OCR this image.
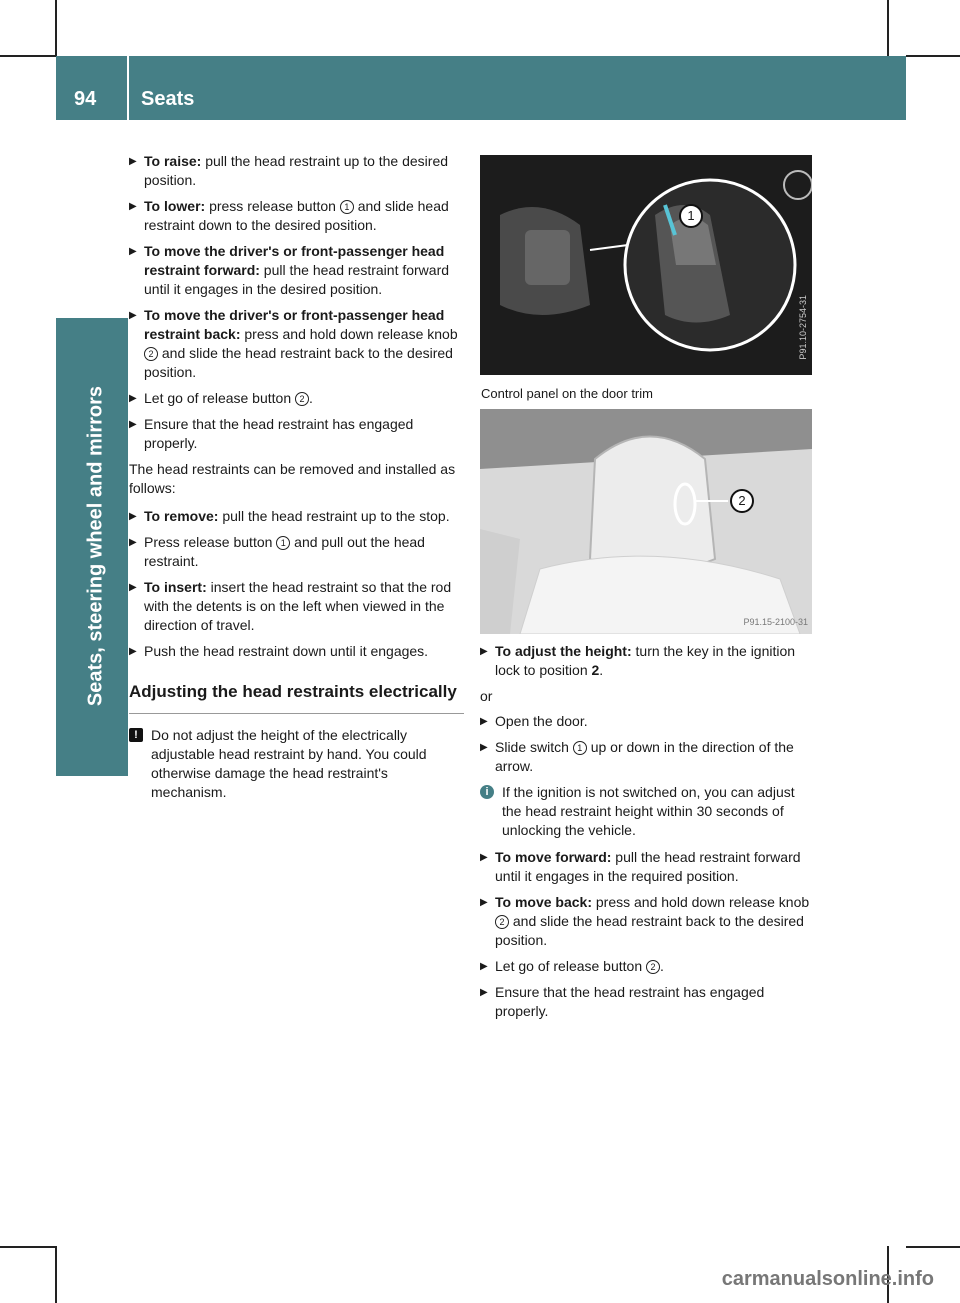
94 Seats
Seats, steering wheel and mirrors
▶ To raise: pull the head restraint up to the desired position.
▶ To lower: press release button 1 and slide head restraint down to the desired position.
▶ To move the driver's or front-passenger head restraint forward: pull the head restraint forward until it engages in the desired position.
▶ To move the driver's or front-passenger head restraint back: press and hold down release knob 2 and slide the head restraint back to the desired position.
▶ Let go of release button 2 .
▶ Ensure that the head restraint has engaged properly.
The head restraints can be removed and installed as follows:
▶ To remove: pull the head restraint up to the stop.
▶ Press release button 1 and pull out the head restraint.
▶ To insert: insert the head restraint so that the rod with the detents is on the left when viewed in the direction of travel.
▶ Push the head restraint down until it engages.
Adjusting the head restraints electrically
! Do not adjust the height of the electrically adjustable head restraint by hand. You could otherwise damage the head restraint's mechanism.
1
P91.10-2754-31
Control panel on the door trim
2
P91.15-2100-31
▶ To adjust the height: turn the key in the ignition lock to position 2.
or
▶ Open the door.
▶ Slide switch 1 up or down in the direction of the arrow.
i If the ignition is not switched on, you can adjust the head restraint height within 30 seconds of unlocking the vehicle.
▶ To move forward: pull the head restraint forward until it engages in the required position.
▶ To move back: press and hold down release knob 2 and slide the head restraint back to the desired position.
▶ Let go of release button 2 .
▶ Ensure that the head restraint has engaged properly.
carmanualsonline.info
